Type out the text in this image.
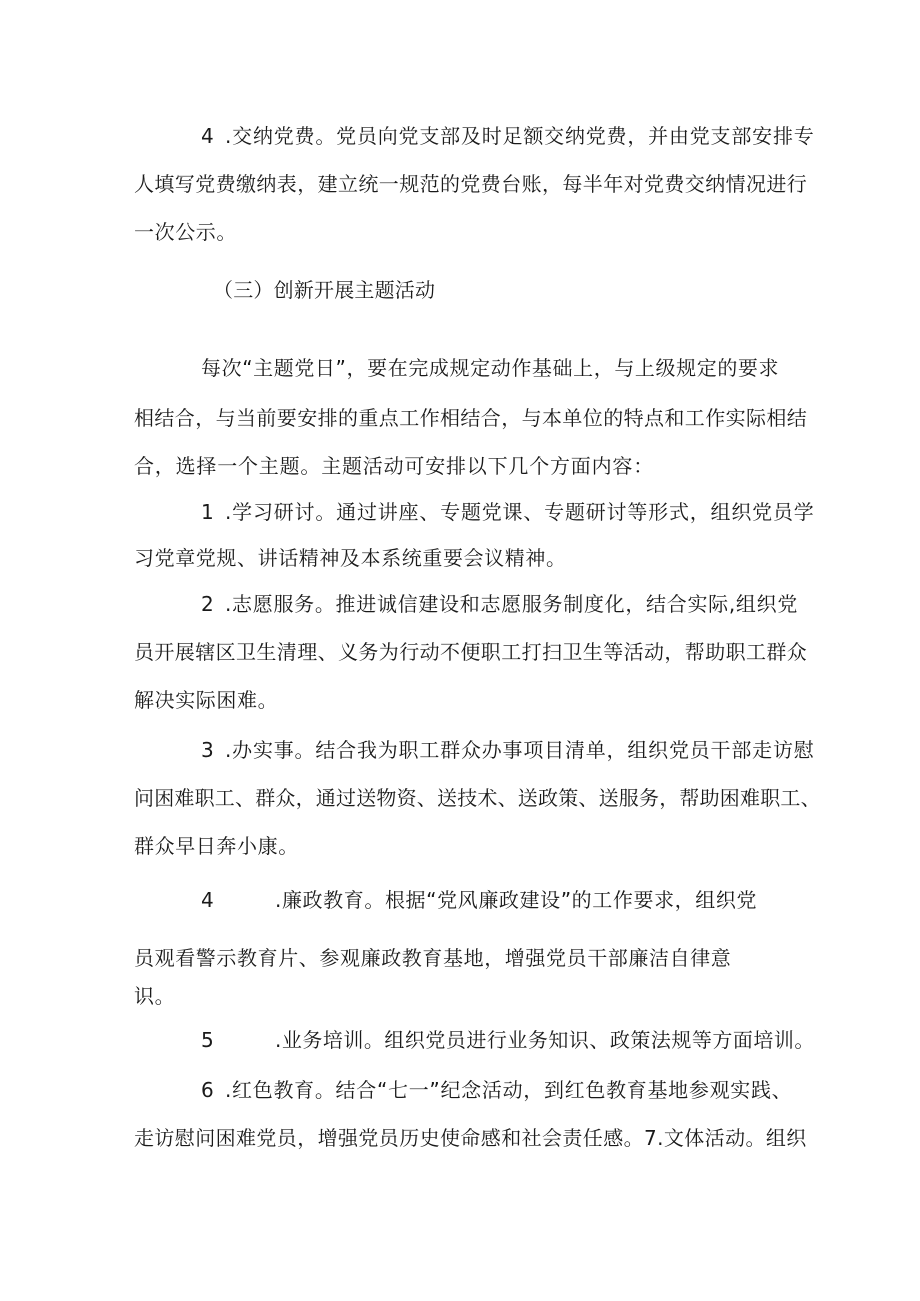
4 .交纳党费。党员向党支部及时足额交纳党费，并由党支部安排专
人填写党费缴纳表，建立统一规范的党费台账，每半年对党费交纳情况进行
一次公示。
（三）创新开展主题活动
每次“主题党日”，要在完成规定动作基础上，与上级规定的要求
相结合，与当前要安排的重点工作相结合，与本单位的特点和工作实际相结
合，选择一个主题。主题活动可安排以下几个方面内容：
1 .学习研讨。通过讲座、专题党课、专题研讨等形式，组织党员学
习党章党规、讲话精神及本系统重要会议精神。
2 .志愿服务。推进诚信建设和志愿服务制度化，结合实际,组织党
员开展辖区卫生清理、义务为行动不便职工打扫卫生等活动，帮助职工群众
解决实际困难。
3 .办实事。结合我为职工群众办事项目清单，组织党员干部走访慰
问困难职工、群众，通过送物资、送技术、送政策、送服务，帮助困难职工、
群众早日奔小康。
4	.廉政教育。根据“党风廉政建设”的工作要求，组织党
员观看警示教育片、参观廉政教育基地，增强党员干部廉洁自律意
识。
5	.业务培训。组织党员进行业务知识、政策法规等方面培训。
6 .红色教育。结合“七一”纪念活动，到红色教育基地参观实践、
走访慰问困难党员，增强党员历史使命感和社会责任感。7.文体活动。组织
